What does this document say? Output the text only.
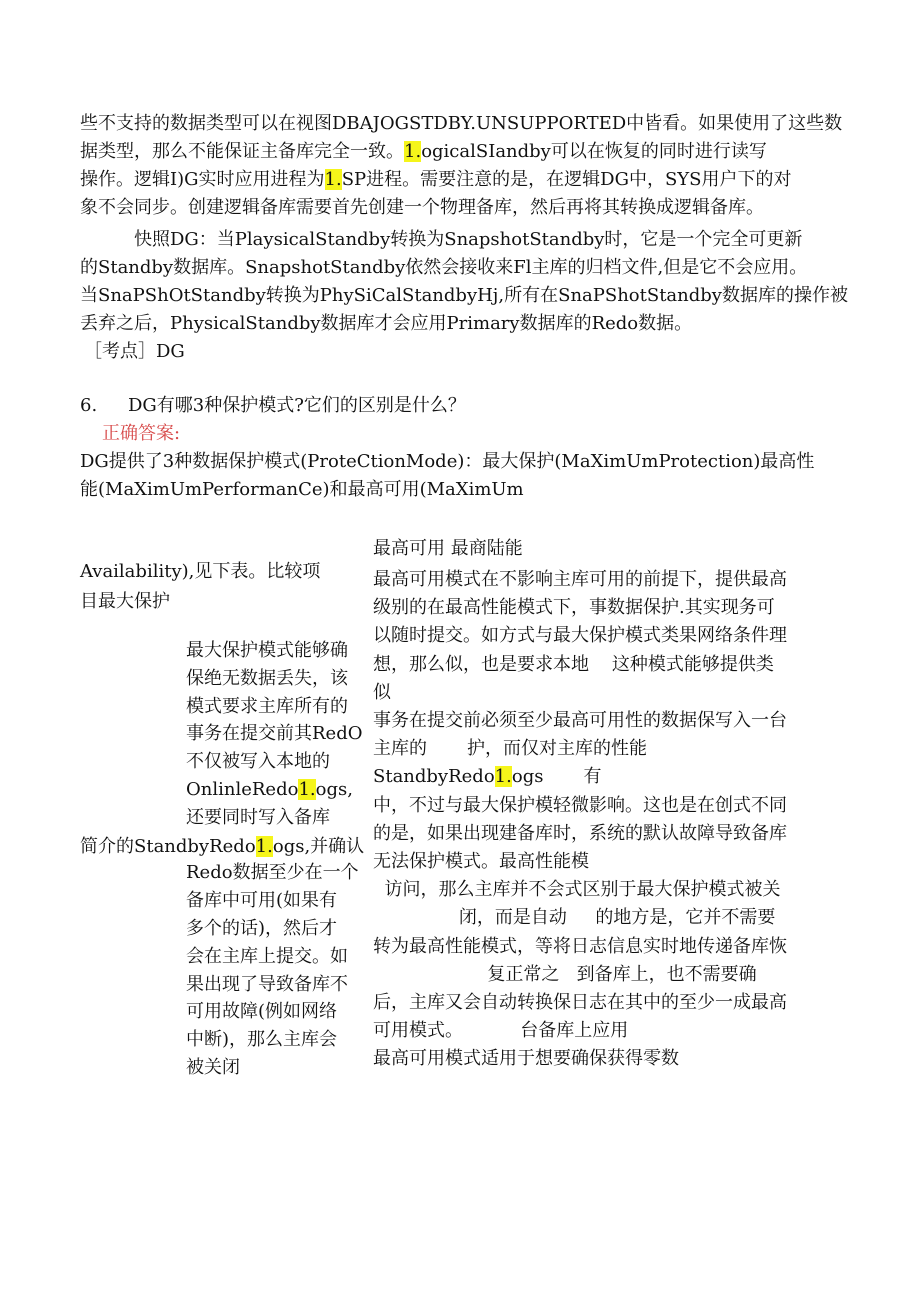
些不支持的数据类型可以在视图DBAJOGSTDBY.UNSUPPORTED中皆看。如果使用了这些数
据类型，那么不能保证主备库完全一致。1.ogicalSIandby可以在恢复的同时进行读写
操作。逻辑I)G实时应用进程为1.SP进程。需要注意的是，在逻辑DG中，SYS用户下的对
象不会同步。创建逻辑备库需要首先创建一个物理备库，然后再将其转换成逻辑备库。
快照DG：当PlaysicalStandby转换为SnapshotStandby时，它是一个完全可更新
的Standby数据库。SnapshotStandby依然会接收来Fl主库的归档文件,但是它不会应用。
当SnaPShOtStandby转换为PhySiCalStandbyHj,所有在SnaPShotStandby数据库的操作被
丢弃之后，PhysicalStandby数据库才会应用Primary数据库的Redo数据。
［考点］DG
6. DG有哪3种保护模式?它们的区别是什么？
正确答案:
DG提供了3种数据保护模式(ProteCtionMode)：最大保护(MaXimUmProtection)最高性
能(MaXimUmPerformanCe)和最高可用(MaXimUm
Availability),见下表。比较项
目最大保护
简介的StandbyRedo1.ogs,并确认
最大保护模式能够确
保绝无数据丢失，该
模式要求主库所有的
事务在提交前其RedO
不仅被写入本地的
OnlinleRedo1.ogs,
还要同时写入备库
Redo数据至少在一个
备库中可用(如果有
多个的话)，然后才
会在主库上提交。如
果出现了导致备库不
可用故障(例如网络
中断)，那么主库会
被关闭
最高可用 最商陆能
最高可用模式在不影响主库可用的前提下，提供最高
级别的在最高性能模式下，事数据保护.其实现务可
以随时提交。如方式与最大保护模式类果网络条件理
想，那么似，也是要求本地    这种模式能够提供类
似
事务在提交前必须至少最高可用性的数据保写入一台
主库的       护，而仅对主库的性能
StandbyRedo1.ogs       有
中，不过与最大保护模轻微影响。这也是在创式不同
的是，如果出现建备库时，系统的默认故障导致备库
无法保护模式。最高性能模
访问，那么主库并不会式区别于最大保护模式被关
闭，而是自动     的地方是，它并不需要
转为最高性能模式，等将日志信息实时地传递备库恢
复正常之   到备库上，也不需要确
后，主库又会自动转换保日志在其中的至少一成最高
可用模式。          台备库上应用
最高可用模式适用于想要确保获得零数
